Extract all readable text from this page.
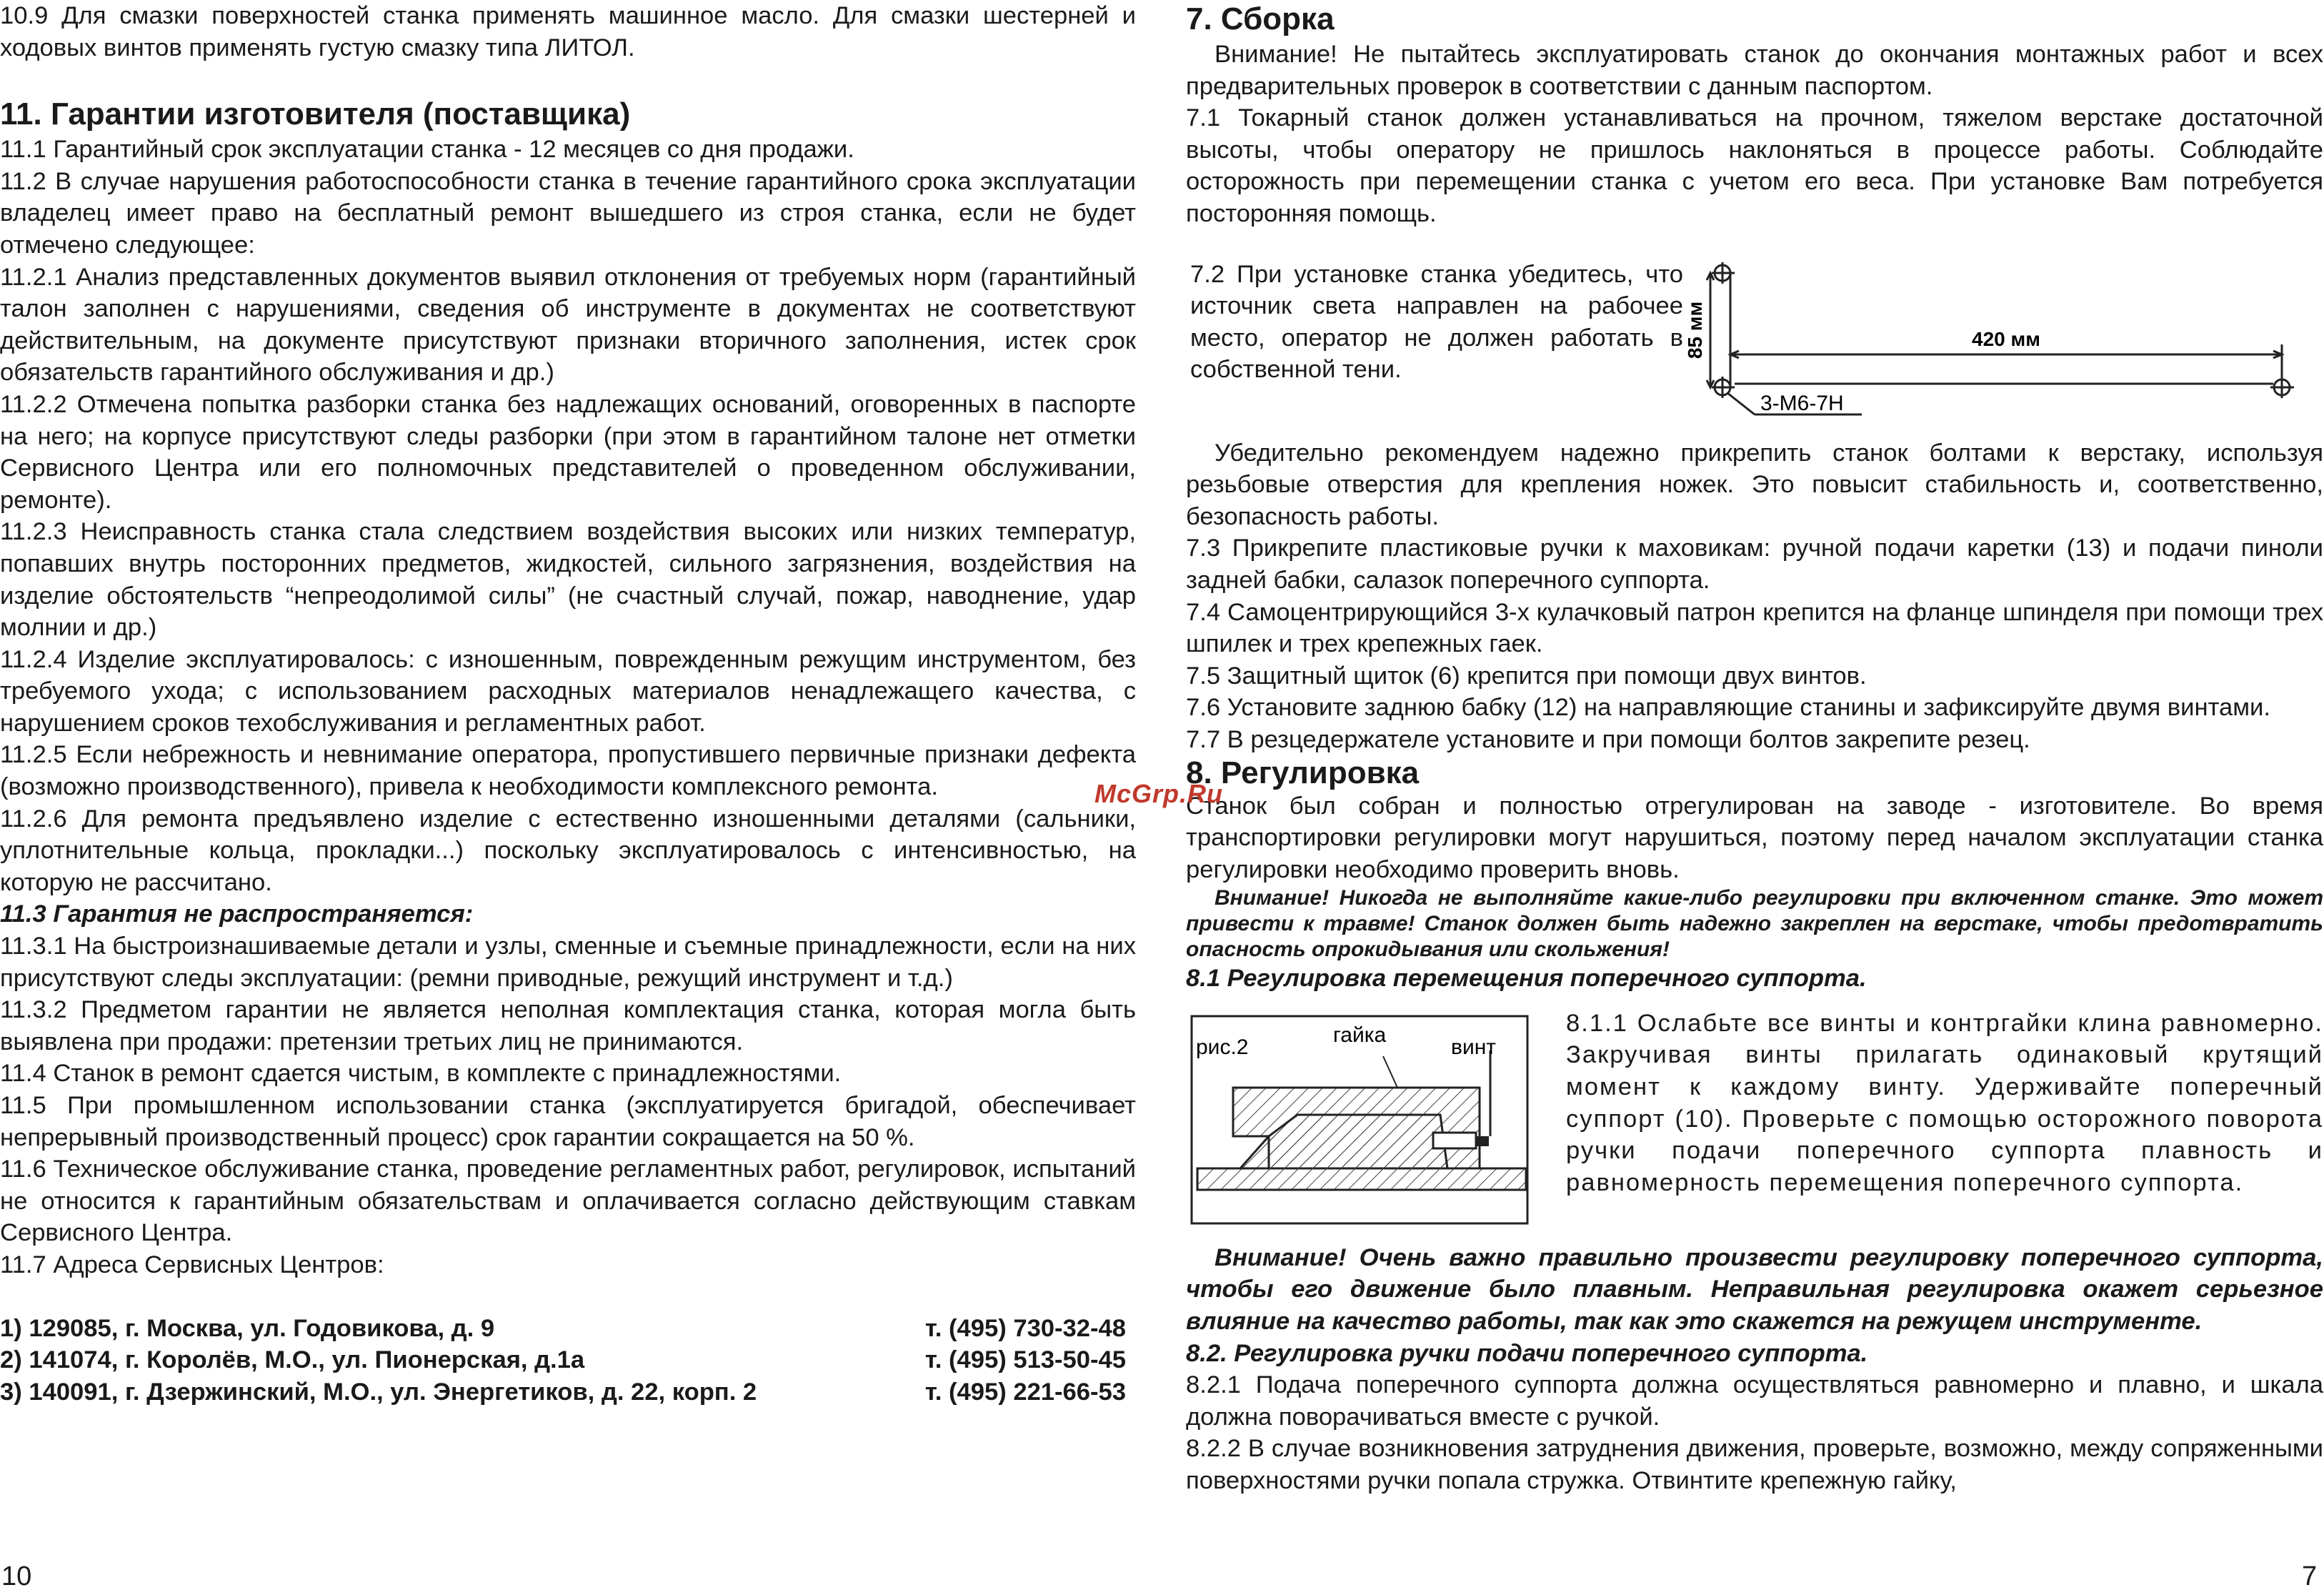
10.9 Для смазки поверхностей станка применять машинное масло. Для смазки шестерней и ходовых винтов применять густую смазку типа ЛИТОЛ.

11. Гарантии изготовителя (поставщика)

11.1 Гарантийный срок эксплуатации станка - 12 месяцев со дня продажи.

11.2 В случае нарушения работоспособности станка в течение гарантийного срока эксплуатации владелец имеет право на бесплатный ремонт вышедшего из строя станка, если не будет отмечено следующее:

11.2.1 Анализ представленных документов выявил отклонения от требуемых норм (гарантийный талон заполнен с нарушениями, сведения об инструменте в документах не соответствуют действительным, на документе присутствуют признаки вторичного заполнения, истек срок обязательств гарантийного обслуживания и др.)

11.2.2 Отмечена попытка разборки станка без надлежащих оснований, оговоренных в паспорте на него; на корпусе присутствуют следы разборки (при этом в гарантийном талоне нет отметки Сервисного Центра или его полномочных представителей о проведенном обслуживании, ремонте).

11.2.3 Неисправность станка стала следствием воздействия высоких или низких температур, попавших внутрь посторонних предметов, жидкостей, сильного загрязнения, воздействия на изделие обстоятельств “непреодолимой силы” (не счастный случай, пожар, наводнение, удар молнии и др.)

11.2.4 Изделие эксплуатировалось: с изношенным, поврежденным режущим инструментом, без требуемого ухода; с использованием расходных материалов ненадлежащего качества, с нарушением сроков техобслуживания и регламентных работ.

11.2.5 Если небрежность и невнимание оператора, пропустившего первичные признаки дефекта (возможно производственного), привела к необходимости комплексного ремонта.

11.2.6 Для ремонта предъявлено изделие с естественно изношенными деталями (сальники, уплотнительные кольца, прокладки...) поскольку эксплуатировалось с интенсивностью, на которую не рассчитано.

11.3 Гарантия не распространяется:

11.3.1 На быстроизнашиваемые детали и узлы, сменные и съемные принадлежности, если на них присутствуют следы эксплуатации: (ремни приводные, режущий инструмент и т.д.)

11.3.2 Предметом гарантии не является неполная комплектация станка, которая могла быть выявлена при продажи: претензии третьих лиц не принимаются.

11.4 Станок в ремонт сдается чистым, в комплекте с принадлежностями.

11.5 При промышленном использовании станка (эксплуатируется бригадой, обеспечивает непрерывный производственный процесс) срок гарантии сокращается на 50 %.

11.6 Техническое обслуживание станка, проведение регламентных работ, регулировок, испытаний не относится к гарантийным обязательствам и оплачивается согласно действующим ставкам Сервисного Центра.

11.7 Адреса Сервисных Центров:

1) 129085, г. Москва, ул. Годовикова, д. 9	т. (495) 730-32-48
2) 141074, г. Королёв, М.О., ул. Пионерская, д.1а	т. (495) 513-50-45
3) 140091, г. Дзержинский, М.О., ул. Энергетиков, д. 22, корп. 2	т. (495) 221-66-53
10
7. Сборка

Внимание! Не пытайтесь эксплуатировать станок до окончания монтажных работ и всех предварительных проверок в соответствии с данным паспортом.

7.1 Токарный станок должен устанавливаться на прочном, тяжелом верстаке достаточной высоты, чтобы оператору не пришлось наклоняться в процессе работы. Соблюдайте осторожность при перемещении станка с учетом его веса. При установке Вам потребуется посторонняя помощь.

7.2 При установке станка убедитесь, что источник света направлен на рабочее место, оператор не должен работать в собственной тени.

85 мм	420 мм
3-М6-7Н

Убедительно рекомендуем надежно прикрепить станок болтами к верстаку, используя резьбовые отверстия для крепления ножек. Это повысит стабильность и, соответственно, безопасность работы.

7.3 Прикрепите пластиковые ручки к маховикам: ручной подачи каретки (13) и подачи пиноли задней бабки, салазок поперечного суппорта.

7.4 Самоцентрирующийся 3-х кулачковый патрон крепится на фланце шпинделя при помощи трех шпилек и трех крепежных гаек.

7.5 Защитный щиток (6) крепится при помощи двух винтов.

7.6 Установите заднюю бабку (12) на направляющие станины и зафиксируйте двумя винтами.

7.7 В резцедержателе установите и при помощи болтов закрепите резец.

8. Регулировка

Станок был собран и полностью отрегулирован на заводе - изготовителе. Во время транспортировки регулировки могут нарушиться, поэтому перед началом эксплуатации станка регулировки необходимо проверить вновь.

Внимание! Никогда не выполняйте какие-либо регулировки при включенном станке. Это может привести к травме! Станок должен быть надежно закреплен на верстаке, чтобы предотвратить опасность опрокидывания или скольжения!

8.1 Регулировка перемещения поперечного суппорта.

рис.2
гайка
винт

8.1.1 Ослабьте все винты и контргайки клина равномерно. Закручивая винты прилагать одинаковый крутящий момент к каждому винту. Удерживайте поперечный суппорт (10). Проверьте с помощью осторожного поворота ручки подачи поперечного суппорта плавность и равномерность перемещения поперечного суппорта.

Внимание! Очень важно правильно произвести регулировку поперечного суппорта, чтобы его движение было плавным. Неправильная регулировка окажет серьезное влияние на качество работы, так как это скажется на режущем инструменте.

8.2. Регулировка ручки подачи поперечного суппорта.

8.2.1 Подача поперечного суппорта должна осуществляться равномерно и плавно, и шкала должна поворачиваться вместе с ручкой.

8.2.2 В случае возникновения затруднения движения, проверьте, возможно, между сопряженными поверхностями ручки попала стружка. Отвинтите крепежную гайку,

7
McGrp.Ru
